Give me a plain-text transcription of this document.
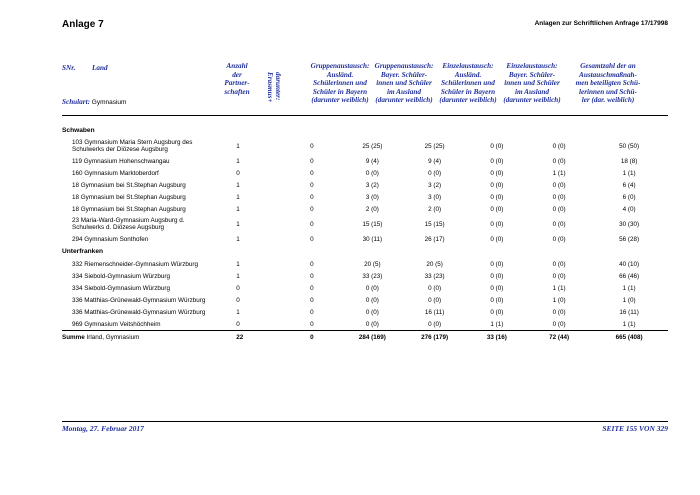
Anlage 7	Anlagen zur Schriftlichen Anfrage 17/17998
SNr. Land	Anzahl
der
Partner-
schaften	darunter:
Erasmus+
Gruppenaustausch:
Ausländ.
Schülerinnen und
Schüler in Bayern
(darunter weiblich)
Gruppenaustausch:
Bayer. Schüler-
innen und Schüler
im Ausland
(darunter weiblich)
Einzelaustausch:
Ausländ.
Schülerinnen und
Schüler in Bayern
(darunter weiblich)
Einzelaustausch:
Bayer. Schüler-
innen und Schüler
im Ausland
(darunter weiblich)
Gesamtzahl der an
Austauschmaßnah-
men beteiligten Schü-
lerinnen und Schü-
ler (dar. weiblich)
Schulart: Gymnasium

Schwaben							

103 Gymnasium Maria Stern Augsburg des
Schulwerks der Diözese Augsburg	1	0	25 (25)	25 (25)	0 (0)	0 (0)	50 (50)

119 Gymnasium Hohenschwangau	1	0	9 (4)	9 (4)	0 (0)	0 (0)	18 (8)

160 Gymnasium Marktoberdorf	0	0	0 (0)	0 (0)	0 (0)	1 (1)	1 (1)

18 Gymnasium bei St.Stephan Augsburg	1	0	3 (2)	3 (2)	0 (0)	0 (0)	6 (4)

18 Gymnasium bei St.Stephan Augsburg	1	0	3 (0)	3 (0)	0 (0)	0 (0)	6 (0)

18 Gymnasium bei St.Stephan Augsburg	1	0	2 (0)	2 (0)	0 (0)	0 (0)	4 (0)

23 Maria-Ward-Gymnasium Augsburg d.
Schulwerks d. Diözese Augsburg	1	0	15 (15)	15 (15)	0 (0)	0 (0)	30 (30)

294 Gymnasium Sonthofen	1	0	30 (11)	26 (17)	0 (0)	0 (0)	56 (28)
Unterfranken							

332 Riemenschneider-Gymnasium Würzburg	1	0	20 (5)	20 (5)	0 (0)	0 (0)	40 (10)

334 Siebold-Gymnasium Würzburg	1	0	33 (23)	33 (23)	0 (0)	0 (0)	66 (46)

334 Siebold-Gymnasium Würzburg	0	0	0 (0)	0 (0)	0 (0)	1 (1)	1 (1)

336 Matthias-Grünewald-Gymnasium Würzburg	0	0	0 (0)	0 (0)	0 (0)	1 (0)	1 (0)

336 Matthias-Grünewald-Gymnasium Würzburg	1	0	0 (0)	16 (11)	0 (0)	0 (0)	16 (11)

969 Gymnasium Veitshöchheim	0	0	0 (0)	0 (0)	1 (1)	0 (0)	1 (1)
Summe Irland, Gymnasium	22	0	284 (169)	276 (179)	33 (16)	72 (44)	665 (408)
Montag, 27. Februar 2017	SEITE 155 VON 329
